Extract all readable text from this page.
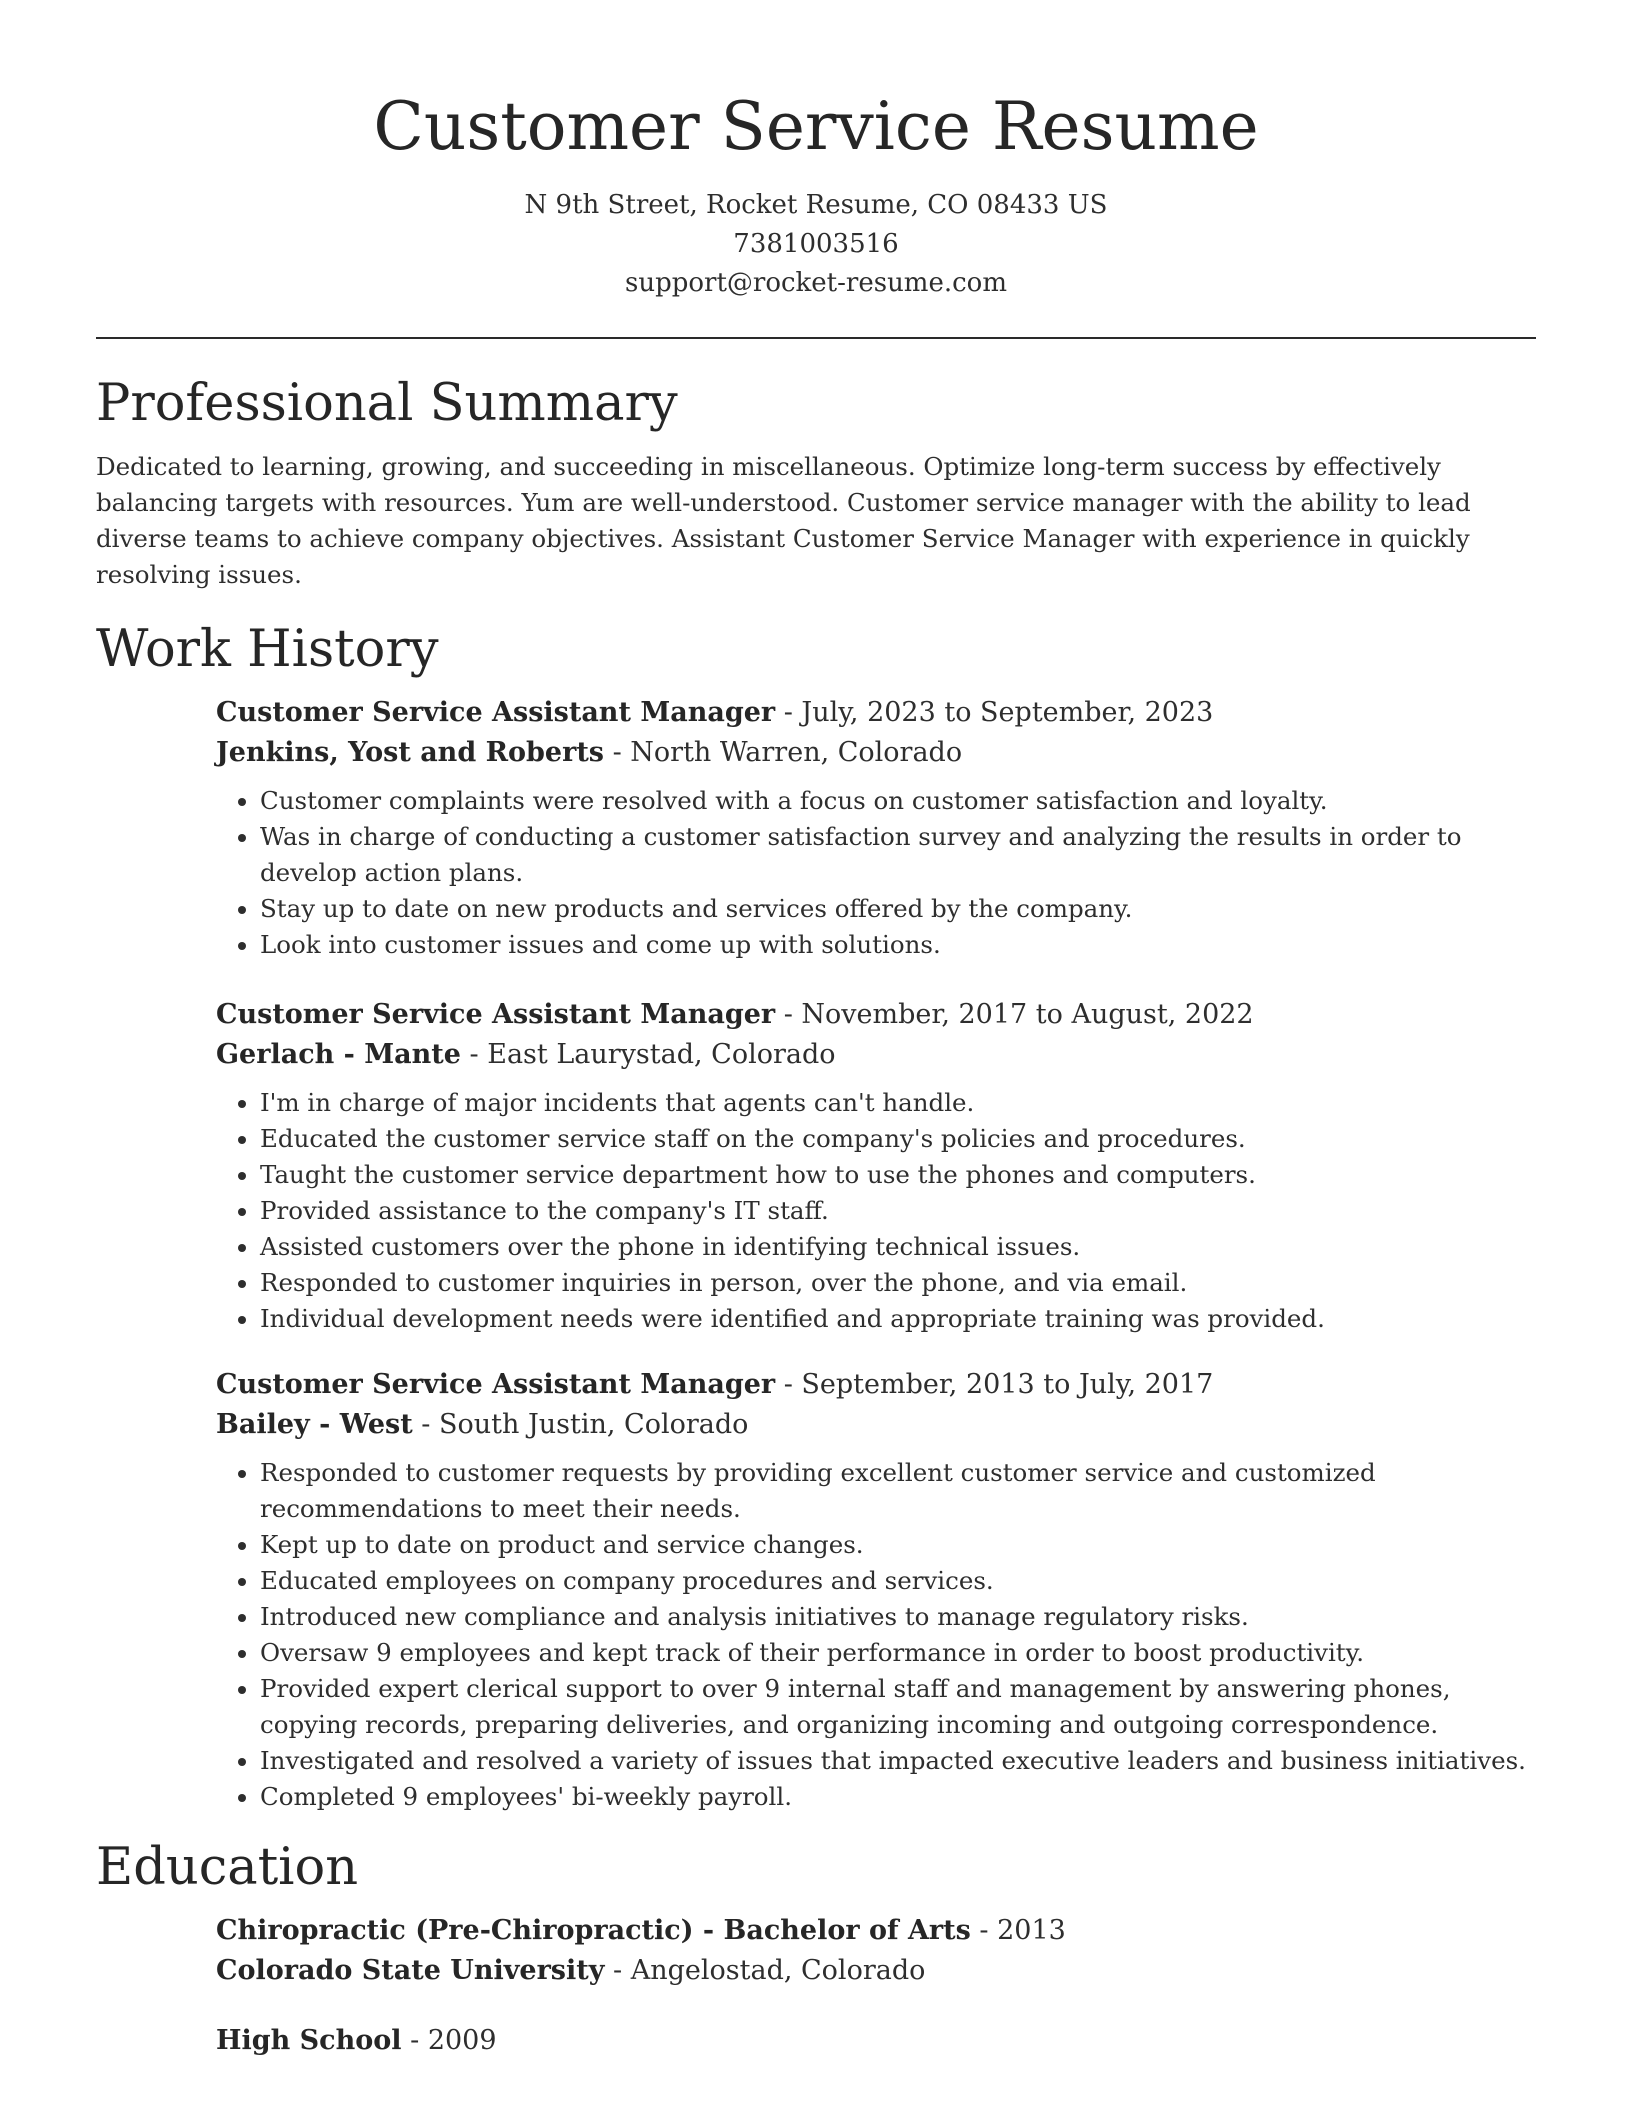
Customer Service Resume
N 9th Street, Rocket Resume, CO 08433 US
7381003516
support@rocket-resume.com
Professional Summary

Dedicated to learning, growing, and succeeding in miscellaneous. Optimize long-term success by effectively balancing targets with resources. Yum are well-understood. Customer service manager with the ability to lead diverse teams to achieve company objectives. Assistant Customer Service Manager with experience in quickly resolving issues.

Work History

Customer Service Assistant Manager - July, 2023 to September, 2023

Jenkins, Yost and Roberts - North Warren, Colorado

• Customer complaints were resolved with a focus on customer satisfaction and loyalty.
• Was in charge of conducting a customer satisfaction survey and analyzing the results in order to develop action plans.
• Stay up to date on new products and services offered by the company.
• Look into customer issues and come up with solutions.

Customer Service Assistant Manager - November, 2017 to August, 2022

Gerlach - Mante - East Laurystad, Colorado

• I'm in charge of major incidents that agents can't handle.
• Educated the customer service staff on the company's policies and procedures.
• Taught the customer service department how to use the phones and computers.
• Provided assistance to the company's IT staff.
• Assisted customers over the phone in identifying technical issues.
• Responded to customer inquiries in person, over the phone, and via email.
• Individual development needs were identified and appropriate training was provided.

Customer Service Assistant Manager - September, 2013 to July, 2017

Bailey - West - South Justin, Colorado

• Responded to customer requests by providing excellent customer service and customized recommendations to meet their needs.
• Kept up to date on product and service changes.
• Educated employees on company procedures and services.
• Introduced new compliance and analysis initiatives to manage regulatory risks.
• Oversaw 9 employees and kept track of their performance in order to boost productivity.
• Provided expert clerical support to over 9 internal staff and management by answering phones, copying records, preparing deliveries, and organizing incoming and outgoing correspondence.
• Investigated and resolved a variety of issues that impacted executive leaders and business initiatives.
• Completed 9 employees' bi-weekly payroll.
Education

Chiropractic (Pre-Chiropractic) - Bachelor of Arts - 2013

Colorado State University - Angelostad, Colorado

High School - 2009
